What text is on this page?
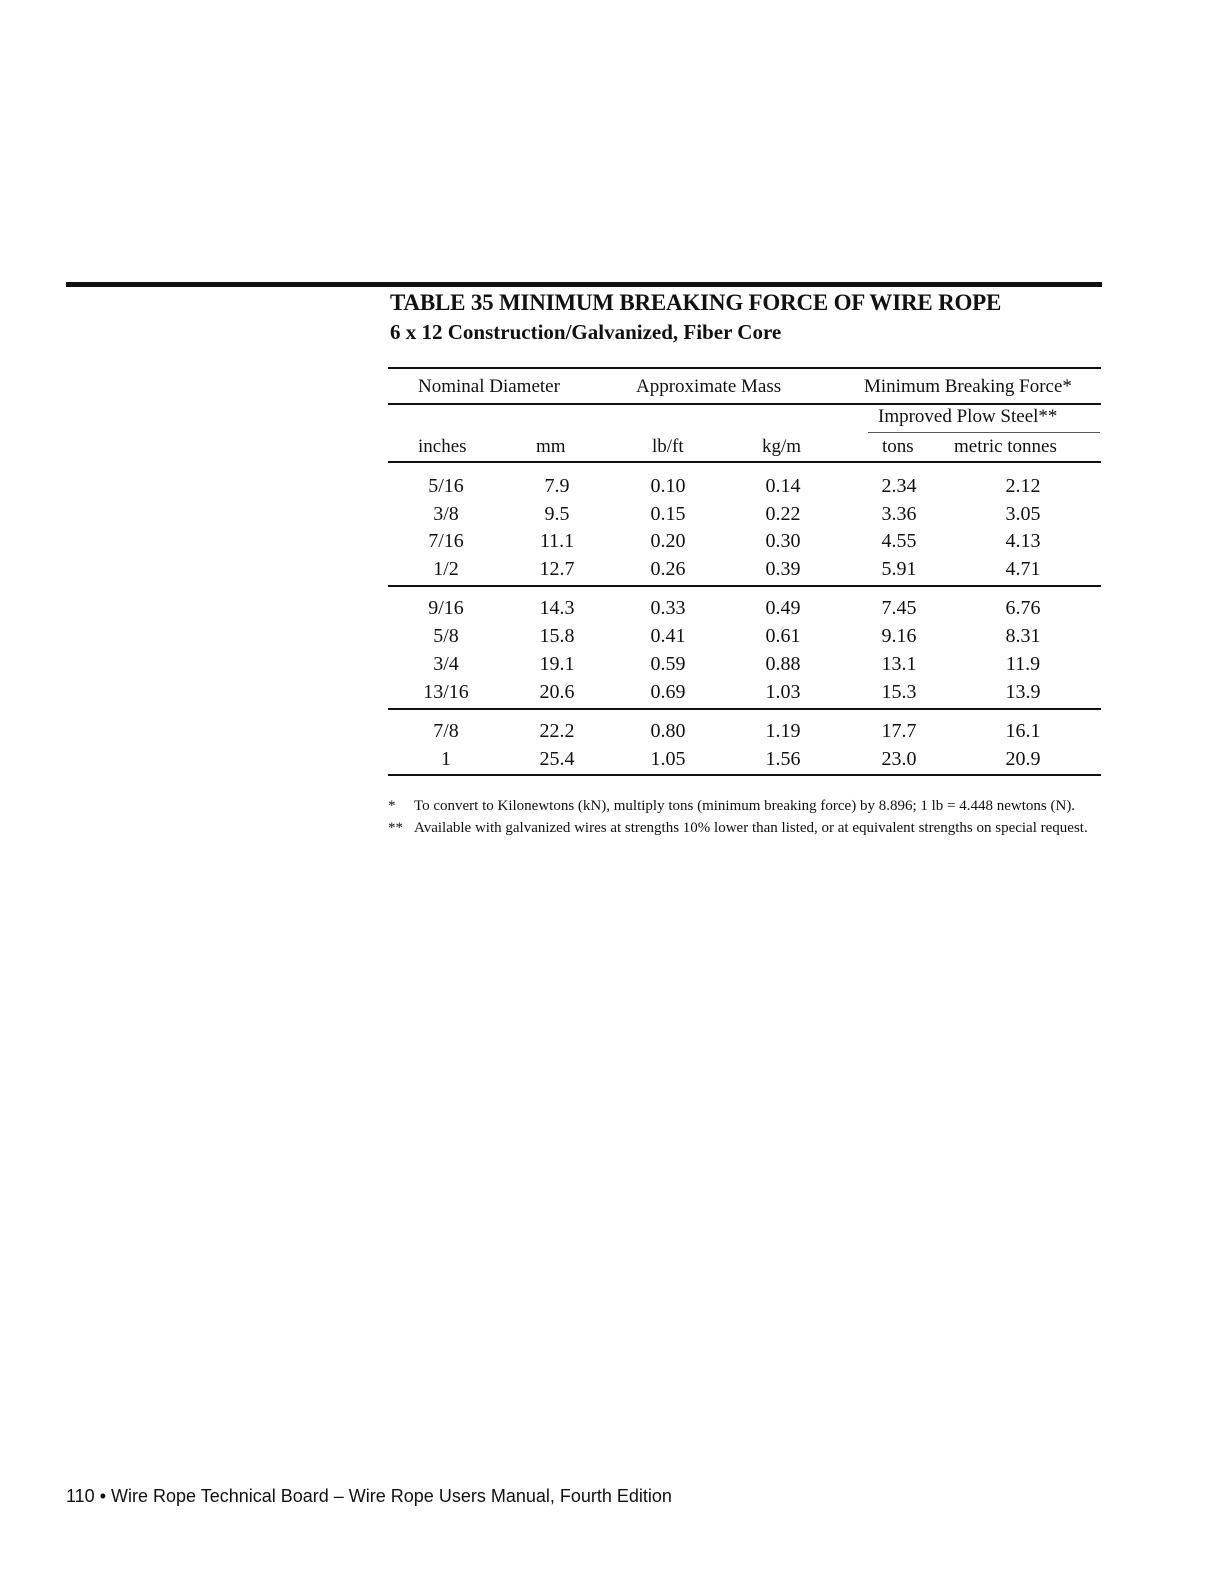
TABLE 35 MINIMUM BREAKING FORCE OF WIRE ROPE
6 x 12 Construction/Galvanized, Fiber Core
Nominal Diameter	Approximate Mass	Minimum Breaking Force*
Improved Plow Steel**
inches	mm	lb/ft	kg/m	tons metric tonnes
5/16	7.9	0.10	0.14	2.34	2.12
3/8	9.5	0.15	0.22	3.36	3.05
7/16	11.1	0.20	0.30	4.55	4.13
1/2	12.7	0.26	0.39	5.91	4.71
9/16	14.3	0.33	0.49	7.45	6.76
5/8	15.8	0.41	0.61	9.16	8.31
3/4	19.1	0.59	0.88	13.1	11.9
13/16	20.6	0.69	1.03	15.3	13.9
7/8	22.2	0.80	1.19	17.7	16.1
1	25.4	1.05	1.56	23.0	20.9
* To convert to Kilonewtons (kN), multiply tons (minimum breaking force) by 8.896; 1 lb = 4.448 newtons (N).
** Available with galvanized wires at strengths 10% lower than listed, or at equivalent strengths on special request.
110 • Wire Rope Technical Board – Wire Rope Users Manual, Fourth Edition
